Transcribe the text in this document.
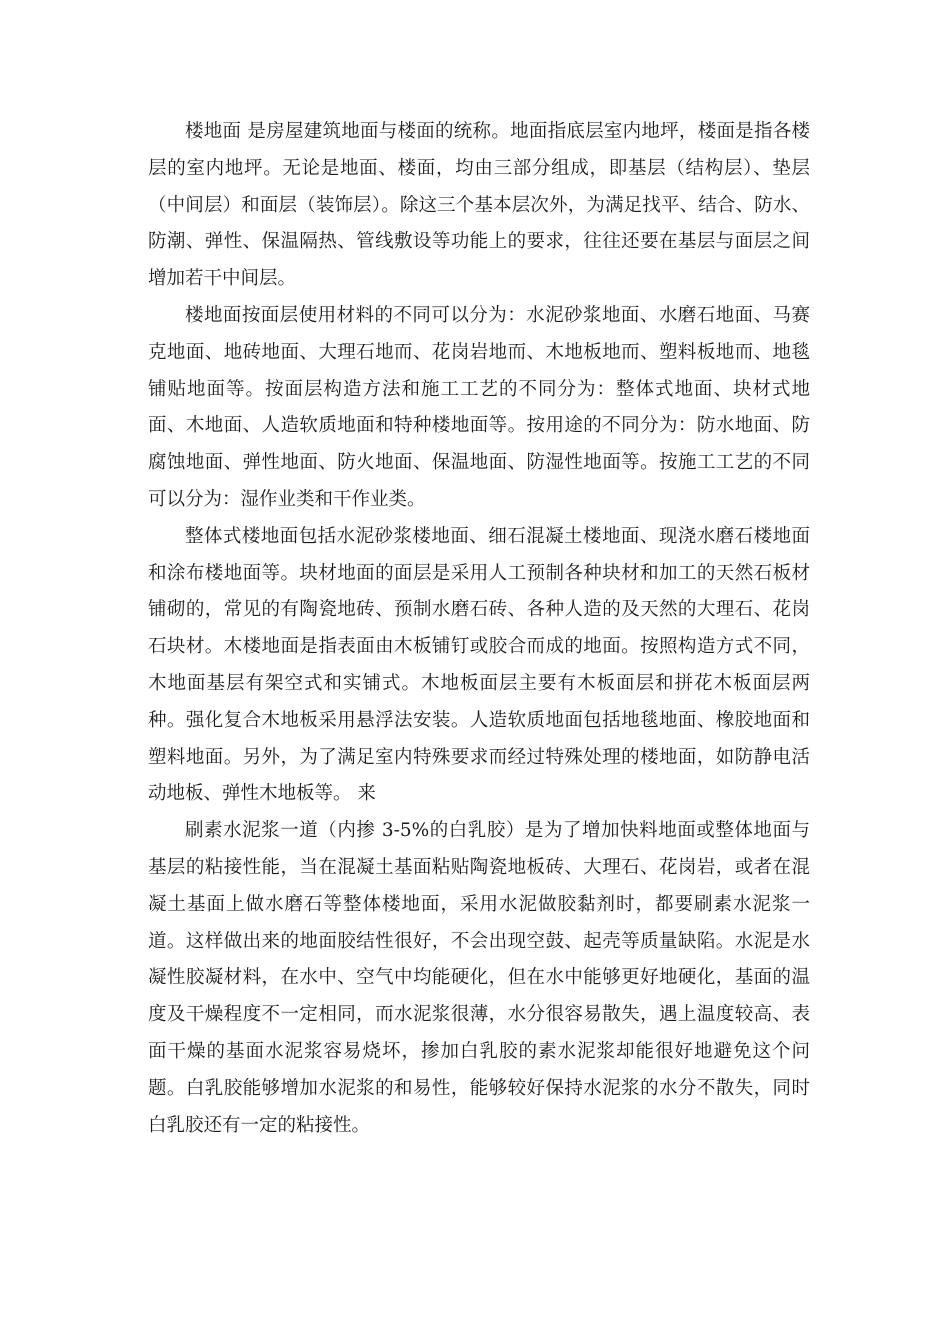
楼地面 是房屋建筑地面与楼面的统称。地面指底层室内地坪，楼面是指各楼层的室内地坪。无论是地面、楼面，均由三部分组成，即基层（结构层）、垫层（中间层）和面层（装饰层）。除这三个基本层次外，为满足找平、结合、防水、防潮、弹性、保温隔热、管线敷设等功能上的要求，往往还要在基层与面层之间增加若干中间层。

楼地面按面层使用材料的不同可以分为：水泥砂浆地面、水磨石地面、马赛克地面、地砖地面、大理石地而、花岗岩地而、木地板地而、塑料板地而、地毯铺贴地面等。按面层构造方法和施工工艺的不同分为：整体式地面、块材式地面、木地面、人造软质地面和特种楼地面等。按用途的不同分为：防水地面、防腐蚀地面、弹性地面、防火地面、保温地面、防湿性地面等。按施工工艺的不同可以分为：湿作业类和干作业类。

整体式楼地面包括水泥砂浆楼地面、细石混凝土楼地面、现浇水磨石楼地面和涂布楼地面等。块材地面的面层是采用人工预制各种块材和加工的天然石板材铺砌的，常见的有陶瓷地砖、预制水磨石砖、各种人造的及天然的大理石、花岗石块材。木楼地面是指表面由木板铺钉或胶合而成的地面。按照构造方式不同，木地面基层有架空式和实铺式。木地板面层主要有木板面层和拼花木板面层两种。强化复合木地板采用悬浮法安装。人造软质地面包括地毯地面、橡胶地面和塑料地面。另外，为了满足室内特殊要求而经过特殊处理的楼地面，如防静电活动地板、弹性木地板等。 来

刷素水泥浆一道（内掺 3-5%的白乳胶）是为了增加快料地面或整体地面与基层的粘接性能，当在混凝土基面粘贴陶瓷地板砖、大理石、花岗岩，或者在混凝土基面上做水磨石等整体楼地面，采用水泥做胶黏剂时，都要刷素水泥浆一道。这样做出来的地面胶结性很好，不会出现空鼓、起壳等质量缺陷。水泥是水凝性胶凝材料，在水中、空气中均能硬化，但在水中能够更好地硬化，基面的温度及干燥程度不一定相同，而水泥浆很薄，水分很容易散失，遇上温度较高、表面干燥的基面水泥浆容易烧坏，掺加白乳胶的素水泥浆却能很好地避免这个问题。白乳胶能够增加水泥浆的和易性，能够较好保持水泥浆的水分不散失，同时白乳胶还有一定的粘接性。
